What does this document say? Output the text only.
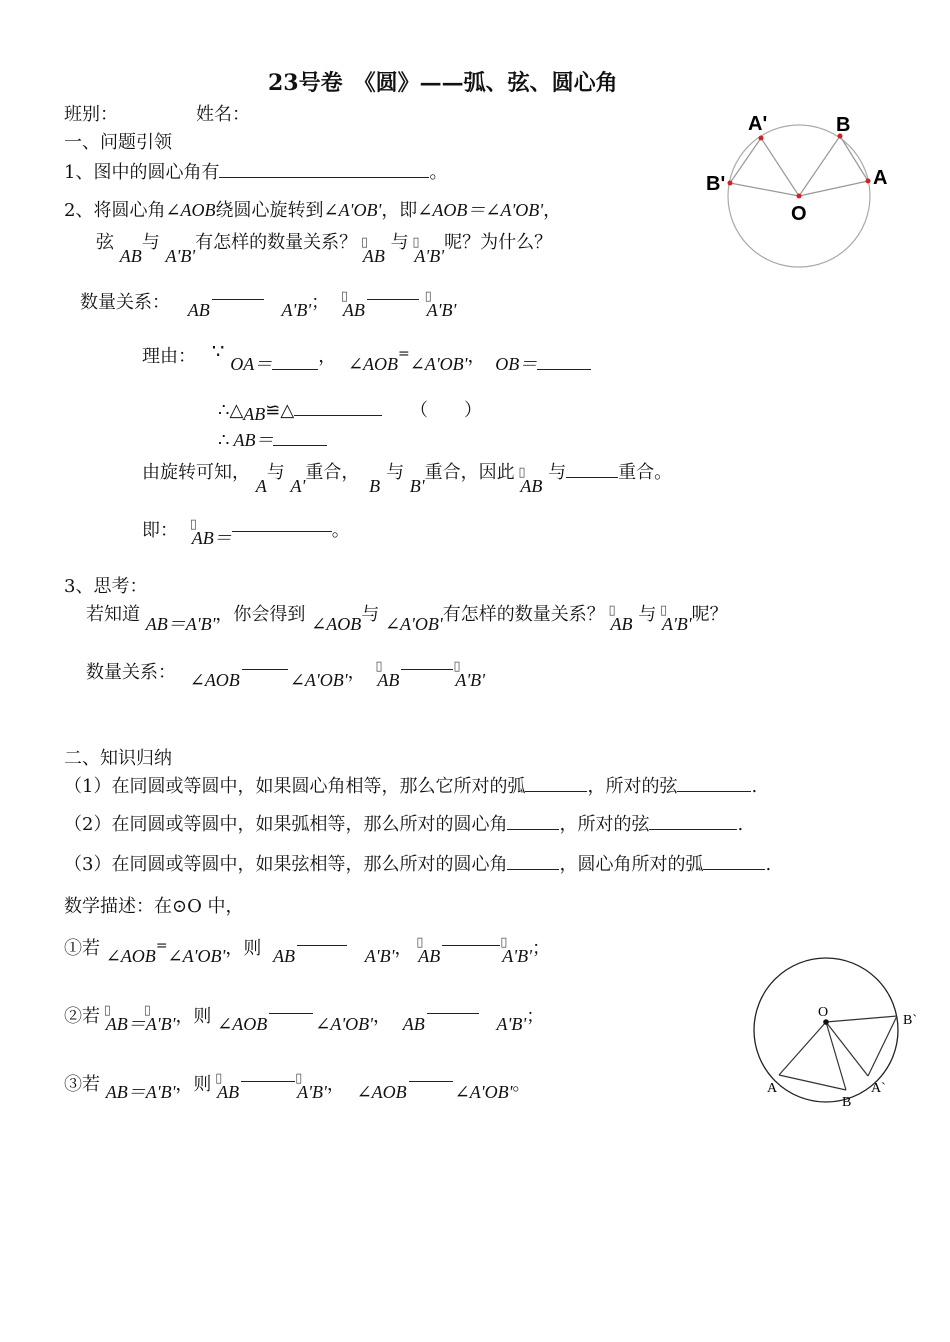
23号卷　《圆》——弧、弦、圆心角
班别：	姓名：
一、问题引领
1、图中的圆心角有	。
2、将圆心角∠AOB绕圆心旋转到∠A'OB'，即∠AOB＝∠A'OB'，
弦 AB与 A'B'有怎样的数量关系？ ▯ AB 与 ▯ A'B'呢？为什么？
数量关系： AB	A'B'； ▯ AB	▯ A'B'
理由： ∵ OA＝	， ∠AOB=∠A'OB'， OB＝
∴△AB≌△	（　　）
∴ AB＝
由旋转可知， A与 A'重合， B与 B'重合，因此 ▯ AB 与	重合。
即： ▯ AB＝	。
3、思考：
若知道 AB＝A'B'，你会得到 ∠AOB与 ∠A'OB'有怎样的数量关系？ ▯ AB 与 ▯ A'B'呢？
数量关系： ∠AOB	∠A'OB'， ▯ AB	▯ A'B'
二、知识归纳
（1）在同圆或等圆中，如果圆心角相等，那么它所对的弧	，所对的弦	.
（2）在同圆或等圆中，如果弧相等，那么所对的圆心角	，所对的弦	.
（3）在同圆或等圆中，如果弦相等，那么所对的圆心角	，圆心角所对的弧	.
数学描述：在⊙O 中，
①若 ∠AOB=∠A'OB'，则 AB	A'B'， ▯ AB	▯ A'B'；
②若 ▯ AB＝▯ A'B'，则 ∠AOB	∠A'OB'， AB	A'B'；
③若 AB＝A'B'，则 ▯ AB	▯ A'B'， ∠AOB	∠A'OB'。
A'	B
B'	A
O
O
B`
A
B
A`
